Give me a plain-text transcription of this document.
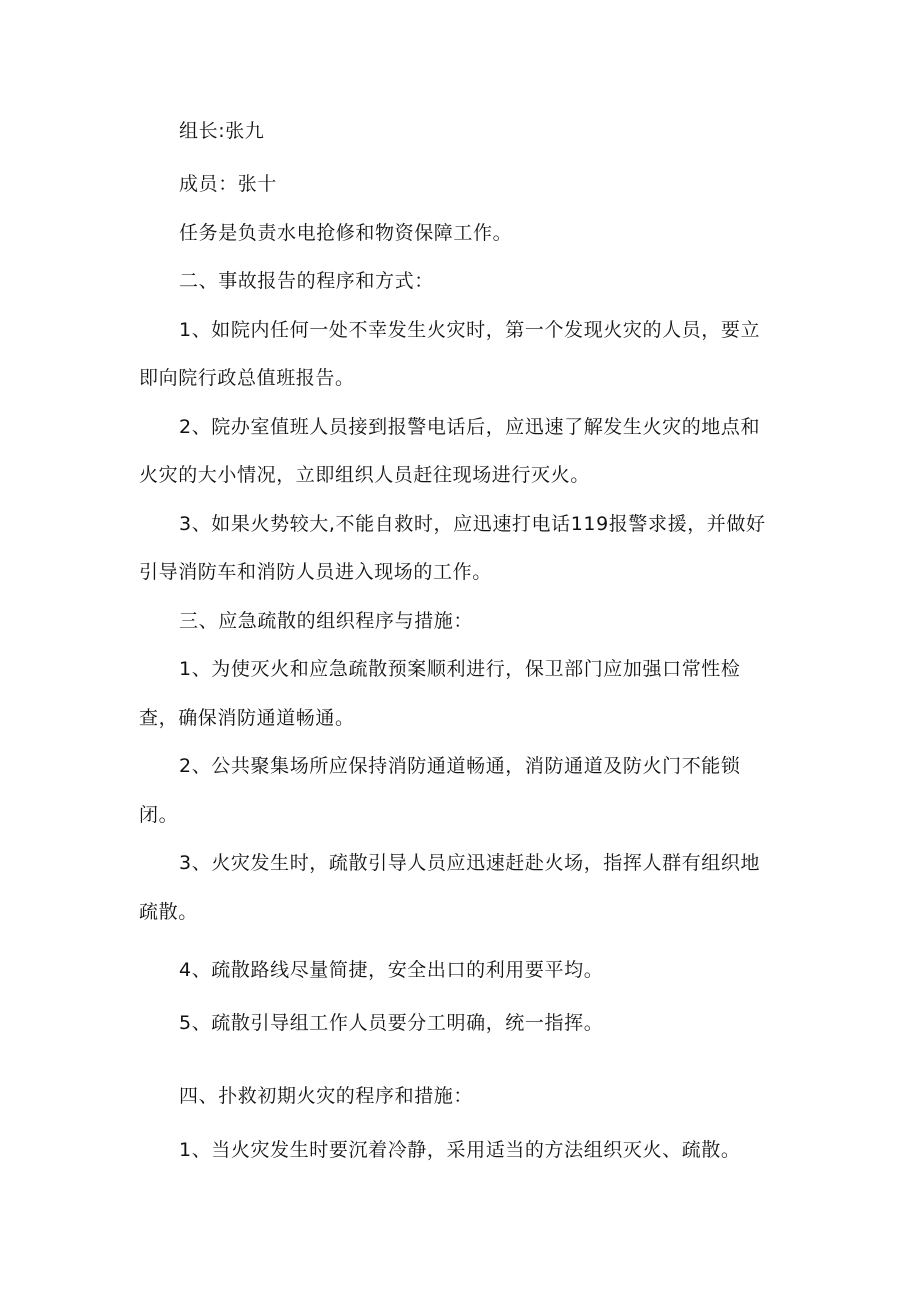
组长:张九

成员：张十

任务是负责水电抢修和物资保障工作。

二、事故报告的程序和方式：

1、如院内任何一处不幸发生火灾时，第一个发现火灾的人员，要立

即向院行政总值班报告。

2、院办室值班人员接到报警电话后，应迅速了解发生火灾的地点和

火灾的大小情况，立即组织人员赶往现场进行灭火。

3、如果火势较大,不能自救时，应迅速打电话119报警求援，并做好

引导消防车和消防人员进入现场的工作。

三、应急疏散的组织程序与措施：

1、为使灭火和应急疏散预案顺利进行，保卫部门应加强口常性检

查，确保消防通道畅通。

2、公共聚集场所应保持消防通道畅通，消防通道及防火门不能锁

闭。

3、火灾发生时，疏散引导人员应迅速赶赴火场，指挥人群有组织地

疏散。

4、疏散路线尽量简捷，安全出口的利用要平均。

5、疏散引导组工作人员要分工明确，统一指挥。

四、扑救初期火灾的程序和措施：

1、当火灾发生时要沉着冷静，采用适当的方法组织灭火、疏散。
